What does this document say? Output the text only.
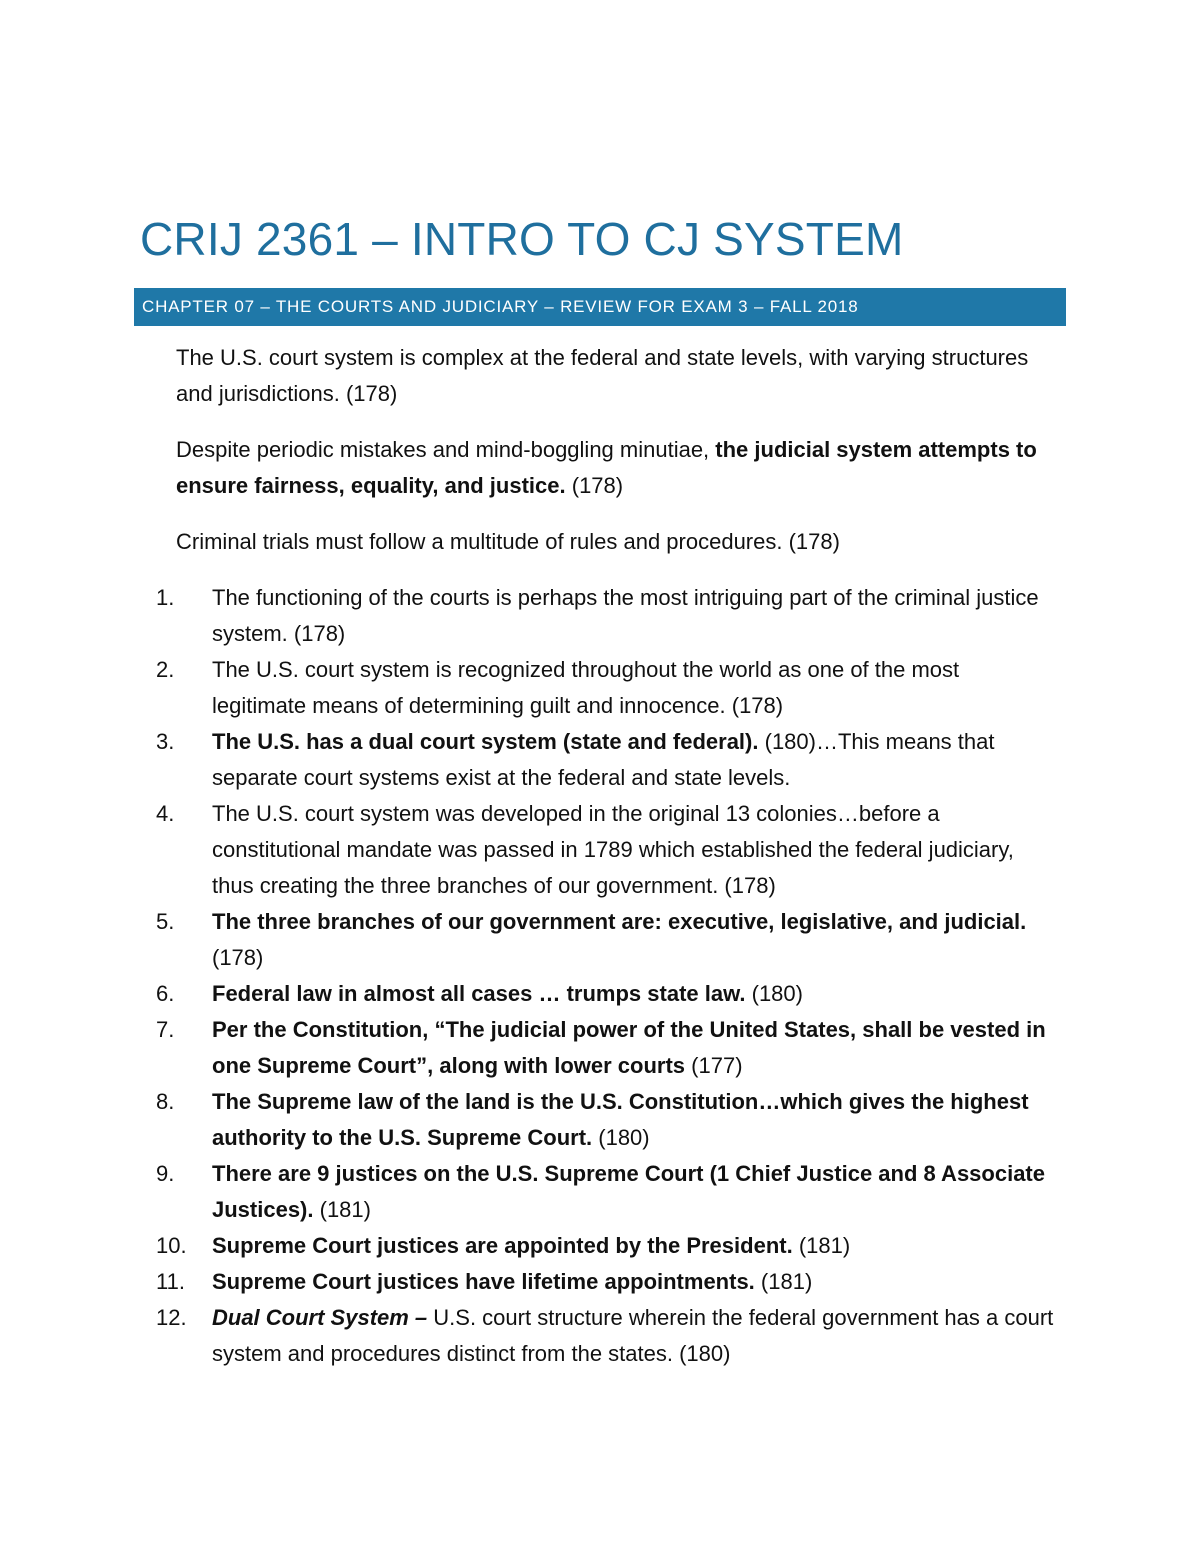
CRIJ 2361 – INTRO TO CJ SYSTEM
CHAPTER 07 – THE COURTS AND JUDICIARY – REVIEW FOR EXAM 3 – FALL 2018

The U.S. court system is complex at the federal and state levels, with varying structures and jurisdictions. (178)

Despite periodic mistakes and mind-boggling minutiae, the judicial system attempts to ensure fairness, equality, and justice. (178)

Criminal trials must follow a multitude of rules and procedures. (178)

1.	The functioning of the courts is perhaps the most intriguing part of the criminal justice system. (178)
2.	The U.S. court system is recognized throughout the world as one of the most legitimate means of determining guilt and innocence. (178)
3.	The U.S. has a dual court system (state and federal). (180)…This means that separate court systems exist at the federal and state levels.
4.	The U.S. court system was developed in the original 13 colonies…before a constitutional mandate was passed in 1789 which established the federal judiciary, thus creating the three branches of our government. (178)
5.	The three branches of our government are: executive, legislative, and judicial. (178)
6.	Federal law in almost all cases … trumps state law. (180)
7.	Per the Constitution, “The judicial power of the United States, shall be vested in one Supreme Court”, along with lower courts (177)
8.	The Supreme law of the land is the U.S. Constitution…which gives the highest authority to the U.S. Supreme Court. (180)
9.	There are 9 justices on the U.S. Supreme Court (1 Chief Justice and 8 Associate Justices). (181)
10.	Supreme Court justices are appointed by the President. (181)
11.	Supreme Court justices have lifetime appointments. (181)
12.	Dual Court System – U.S. court structure wherein the federal government has a court system and procedures distinct from the states. (180)
